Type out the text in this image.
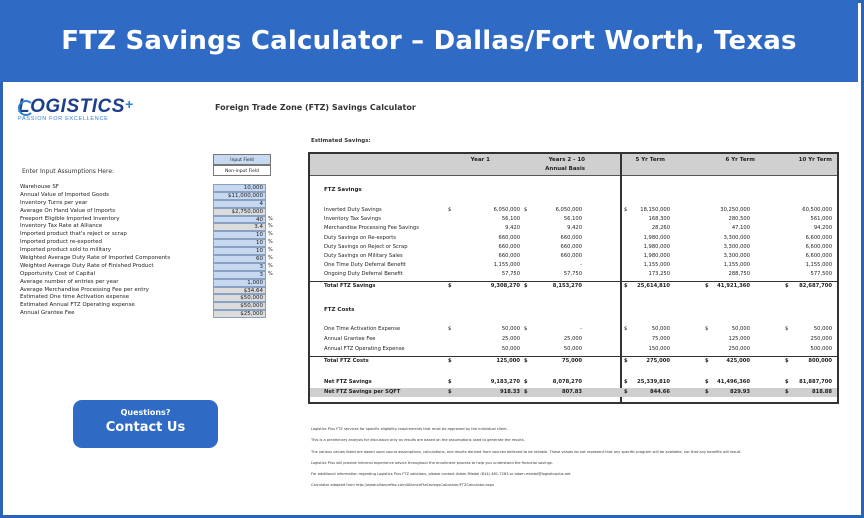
FTZ Savings Calculator – Dallas/Fort Worth, Texas
LOGISTICS+
PASSION FOR EXCELLENCE
Foreign Trade Zone (FTZ) Savings Calculator
Estimated Savings:
Enter Input Assumptions Here:
Input Field
Non-input Field
Warehouse SF	10,000
Annual Value of Imported Goods	$11,000,000
Inventory Turns per year	4
Average On Hand Value of Imports	$2,750,000
Freeport Eligible Imported Inventory	40	%
Inventory Tax Rate at Alliance	3.4	%
Imported product that's reject or scrap	10	%
Imported product re-exported	10	%
Imported product sold to military	10	%
Weighted Average Duty Rate of Imported Components	60	%
Weighted Average Duty Rate of Finished Product	3	%
Opportunity Cost of Capital	3	%
Average number of entries per year	1,000
Average Merchandise Processing Fee per entry	$34.64
Estimated One time Activation expense	$50,000
Estimated Annual FTZ Operating expense	$50,000
Annual Grantee Fee	$25,000
Year 1	Years 2 - 10
Annual Basis
5 Yr Term	6 Yr Term	10 Yr Term
FTZ Savings
Inverted Duty Savings	$	6,050,000 $	6,050,000	$ 18,150,000	30,250,000	60,500,000
Inventory Tax Savings	56,100	56,100	168,300	280,500	561,000
Merchandise Processing Fee Savings	9,420	9,420	28,260	47,100	94,200
Duty Savings on Re-exports	660,000	660,000	1,980,000	3,300,000	6,600,000
Duty Savings on Reject or Scrap	660,000	660,000	1,980,000	3,300,000	6,600,000
Duty Savings on Military Sales	660,000	660,000	1,980,000	3,300,000	6,600,000
One Time Duty Deferral Benefit	1,155,000	-	1,155,000	1,155,000	1,155,000
Ongoing Duty Deferral Benefit	57,750	57,750	173,250	288,750	577,500
Total FTZ Savings	$	9,308,270 $	8,153,270	$ 25,614,810	$ 41,921,360	$ 82,687,700
FTZ Costs
One Time Activation Expense	$	50,000 $	-	$	50,000	$	50,000	$	50,000
Annual Grantee Fee	25,000	25,000	75,000	125,000	250,000
Annual FTZ Operating Expense	50,000	50,000	150,000	250,000	500,000
Total FTZ Costs	$	125,000 $	75,000	$	275,000	$	425,000	$	800,000
Net FTZ Savings	$	9,183,270 $	8,078,270	$ 25,339,810	$ 41,496,360	$ 81,887,700
Net FTZ Savings per SQFT	$	918.33 $	807.83	$	844.66	$	829.93	$	818.88
Questions?
Contact Us	Logistics Plus FTZ services for specific eligibility requirements that must be approved by the individual client.
This is a preliminary analysis for discussion only as results are based on the assumptions used to generate the results.
The various values listed are based upon sound assumptions, calculations, and results derived from sources believed to be reliable. These values do not represent that any specific program will be available, nor that any benefits will result.
Logistics Plus will provide informal experience advice throughout the enrollment process to help you understand the financial savings.
For additional information regarding Logistics Plus FTZ solutions, please contact Adam Miedal (814) 461-7283 or adam.miedal@logisticsplus.net
Calculator adapted from http://www.allianceftsz.com/AllianceFtzSavingsCalculator/FTZCalculator.aspx
